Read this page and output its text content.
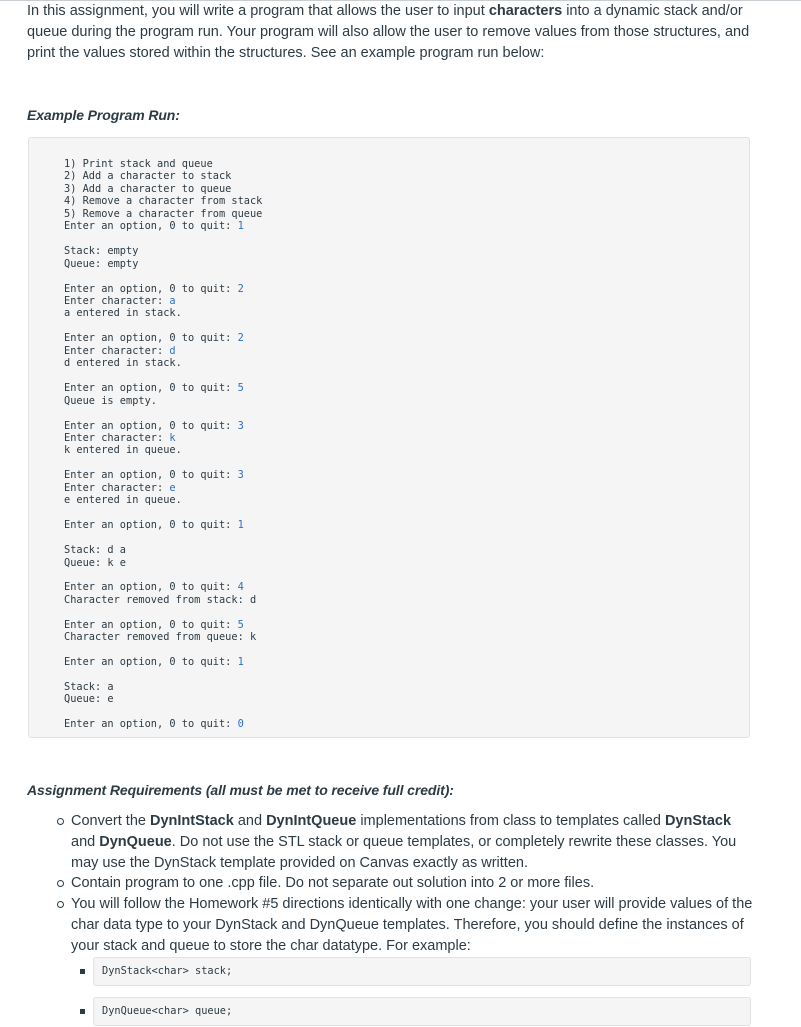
In this assignment, you will write a program that allows the user to input characters into a dynamic stack and/or queue during the program run. Your program will also allow the user to remove values from those structures, and print the values stored within the structures. See an example program run below:

Example Program Run:

1) Print stack and queue
2) Add a character to stack
3) Add a character to queue
4) Remove a character from stack
5) Remove a character from queue
Enter an option, 0 to quit: 1

Stack: empty
Queue: empty

Enter an option, 0 to quit: 2
Enter character: a
a entered in stack.

Enter an option, 0 to quit: 2
Enter character: d
d entered in stack.

Enter an option, 0 to quit: 5
Queue is empty.

Enter an option, 0 to quit: 3
Enter character: k
k entered in queue.

Enter an option, 0 to quit: 3
Enter character: e
e entered in queue.

Enter an option, 0 to quit: 1

Stack: d a
Queue: k e

Enter an option, 0 to quit: 4
Character removed from stack: d

Enter an option, 0 to quit: 5
Character removed from queue: k

Enter an option, 0 to quit: 1

Stack: a
Queue: e

Enter an option, 0 to quit: 0

Assignment Requirements (all must be met to receive full credit):

Convert the DynIntStack and DynIntQueue implementations from class to templates called DynStack and DynQueue. Do not use the STL stack or queue templates, or completely rewrite these classes. You may use the DynStack template provided on Canvas exactly as written.
Contain program to one .cpp file. Do not separate out solution into 2 or more files.
You will follow the Homework #5 directions identically with one change: your user will provide values of the char data type to your DynStack and DynQueue templates. Therefore, you should define the instances of your stack and queue to store the char datatype. For example:
DynStack<char> stack;
DynQueue<char> queue;
